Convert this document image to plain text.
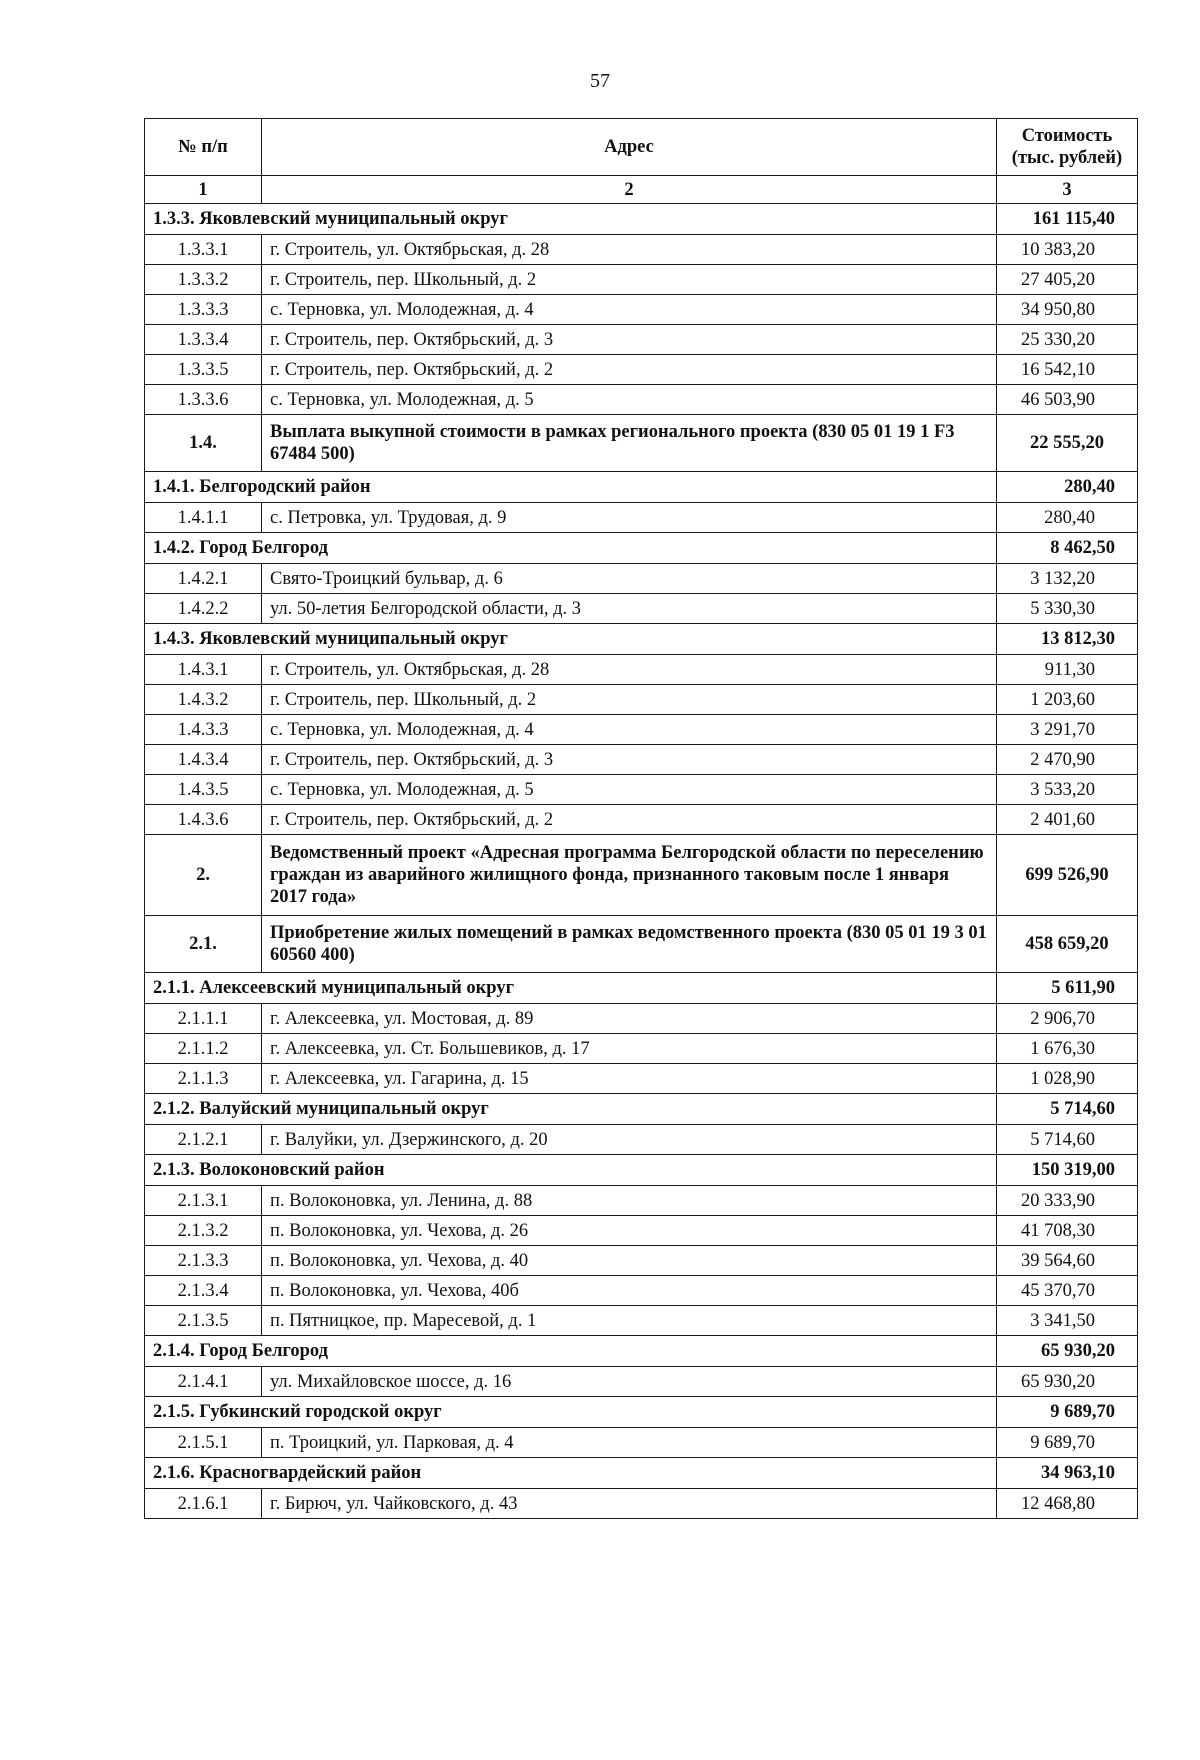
57
№ п/п	Адрес	Стоимость (тыс. рублей)
1	2	3
1.3.3. Яковлевский муниципальный округ		161 115,40
1.3.3.1	г. Строитель, ул. Октябрьская, д. 28	10 383,20
1.3.3.2	г. Строитель, пер. Школьный, д. 2	27 405,20
1.3.3.3	с. Терновка, ул. Молодежная, д. 4	34 950,80
1.3.3.4	г. Строитель, пер. Октябрьский, д. 3	25 330,20
1.3.3.5	г. Строитель, пер. Октябрьский, д. 2	16 542,10
1.3.3.6	с. Терновка, ул. Молодежная, д. 5	46 503,90
1.4.	Выплата выкупной стоимости в рамках регионального проекта (830 05 01 19 1 F3 67484 500)	22 555,20
1.4.1. Белгородский район		280,40
1.4.1.1	с. Петровка, ул. Трудовая, д. 9	280,40
1.4.2. Город Белгород		8 462,50
1.4.2.1	Свято-Троицкий бульвар, д. 6	3 132,20
1.4.2.2	ул. 50-летия Белгородской области, д. 3	5 330,30
1.4.3. Яковлевский муниципальный округ		13 812,30
1.4.3.1	г. Строитель, ул. Октябрьская, д. 28	911,30
1.4.3.2	г. Строитель, пер. Школьный, д. 2	1 203,60
1.4.3.3	с. Терновка, ул. Молодежная, д. 4	3 291,70
1.4.3.4	г. Строитель, пер. Октябрьский, д. 3	2 470,90
1.4.3.5	с. Терновка, ул. Молодежная, д. 5	3 533,20
1.4.3.6	г. Строитель, пер. Октябрьский, д. 2	2 401,60
2.	Ведомственный проект «Адресная программа Белгородской области по переселению граждан из аварийного жилищного фонда, признанного таковым после 1 января 2017 года»	699 526,90
2.1.	Приобретение жилых помещений в рамках ведомственного проекта (830 05 01 19 3 01 60560 400)	458 659,20
2.1.1. Алексеевский муниципальный округ		5 611,90
2.1.1.1	г. Алексеевка, ул. Мостовая, д. 89	2 906,70
2.1.1.2	г. Алексеевка, ул. Ст. Большевиков, д. 17	1 676,30
2.1.1.3	г. Алексеевка, ул. Гагарина, д. 15	1 028,90
2.1.2. Валуйский муниципальный округ		5 714,60
2.1.2.1	г. Валуйки, ул. Дзержинского, д. 20	5 714,60
2.1.3. Волоконовский район		150 319,00
2.1.3.1	п. Волоконовка, ул. Ленина, д. 88	20 333,90
2.1.3.2	п. Волоконовка, ул. Чехова, д. 26	41 708,30
2.1.3.3	п. Волоконовка, ул. Чехова, д. 40	39 564,60
2.1.3.4	п. Волоконовка, ул. Чехова, 40б	45 370,70
2.1.3.5	п. Пятницкое, пр. Маресевой, д. 1	3 341,50
2.1.4. Город Белгород		65 930,20
2.1.4.1	ул. Михайловское шоссе, д. 16	65 930,20
2.1.5. Губкинский городской округ		9 689,70
2.1.5.1	п. Троицкий, ул. Парковая, д. 4	9 689,70
2.1.6. Красногвардейский район		34 963,10
2.1.6.1	г. Бирюч, ул. Чайковского, д. 43	12 468,80
